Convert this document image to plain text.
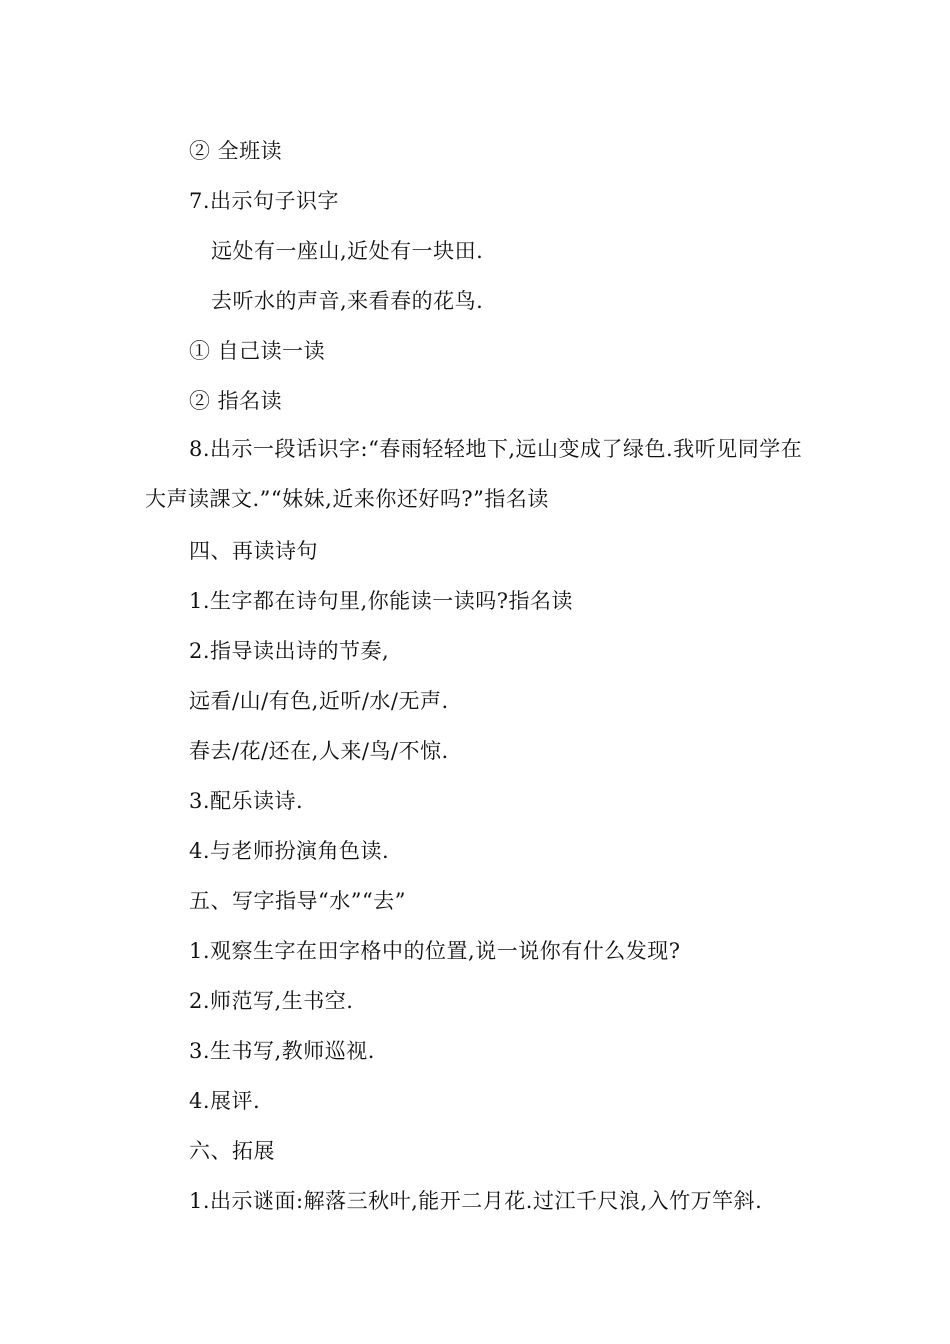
② 全班读
7.出示句子识字
远处有一座山,近处有一块田.
去听水的声音,来看春的花鸟.
① 自己读一读
② 指名读
8.出示一段话识字:“春雨轻轻地下,远山变成了绿色.我听见同学在大声读課文.”“妹妹,近来你还好吗?”指名读
四、再读诗句
1.生字都在诗句里,你能读一读吗?指名读
2.指导读出诗的节奏,
远看/山/有色,近听/水/无声.
春去/花/还在,人来/鸟/不惊.
3.配乐读诗.
4.与老师扮演角色读.
五、写字指导“水”“去”
1.观察生字在田字格中的位置,说一说你有什么发现?
2.师范写,生书空.
3.生书写,教师巡视.
4.展评.
六、拓展
1.出示谜面:解落三秋叶,能开二月花.过江千尺浪,入竹万竿斜.
